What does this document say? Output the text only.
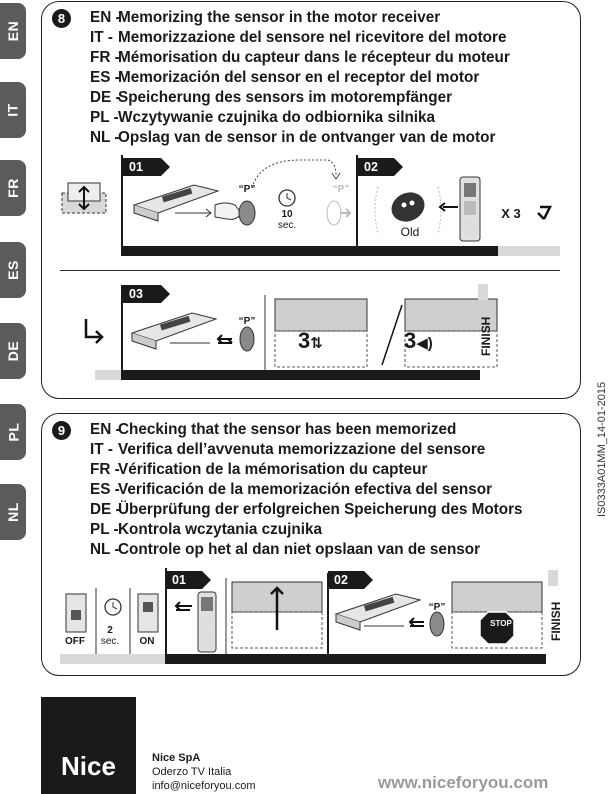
EN
IT
FR
ES
DE
PL
NL
8	EN -
Memorizing the sensor in the motor receiver
IT - Memorizzazione del sensore nel ricevitore del motore
FR -
Mémorisation du capteur dans le récepteur du moteur
ES -
Memorización del sensor en el receptor del motor
DE -
Speicherung des sensors im motorempfänger
PL - Wczytywanie czujnika do odbiornika silnika
NL -
Opslag van de sensor in de ontvanger van de motor
01	02
“P”	“P”
10
sec.	Old
X 3
03
“P”
3⇅	3◀)	FINISH
9	EN -
Checking that the sensor has been memorized
IT - Verifica dell’avvenuta memorizzazione del sensore
FR -
Vérification de la mémorisation du capteur
ES -
Verificación de la memorización efectiva del sensor
DE -
Überprüfung der erfolgreichen Speicherung des Motors
PL - Kontrola wczytania czujnika
NL -
Controle op het al dan niet opslaan van de sensor
01	02
OFF
2
sec.	ON
“P”
STOP	FINISH
IS0333A01MM_14-01-2015
Nice	Nice SpA
Oderzo TV Italia
info@niceforyou.com	www.niceforyou.com
